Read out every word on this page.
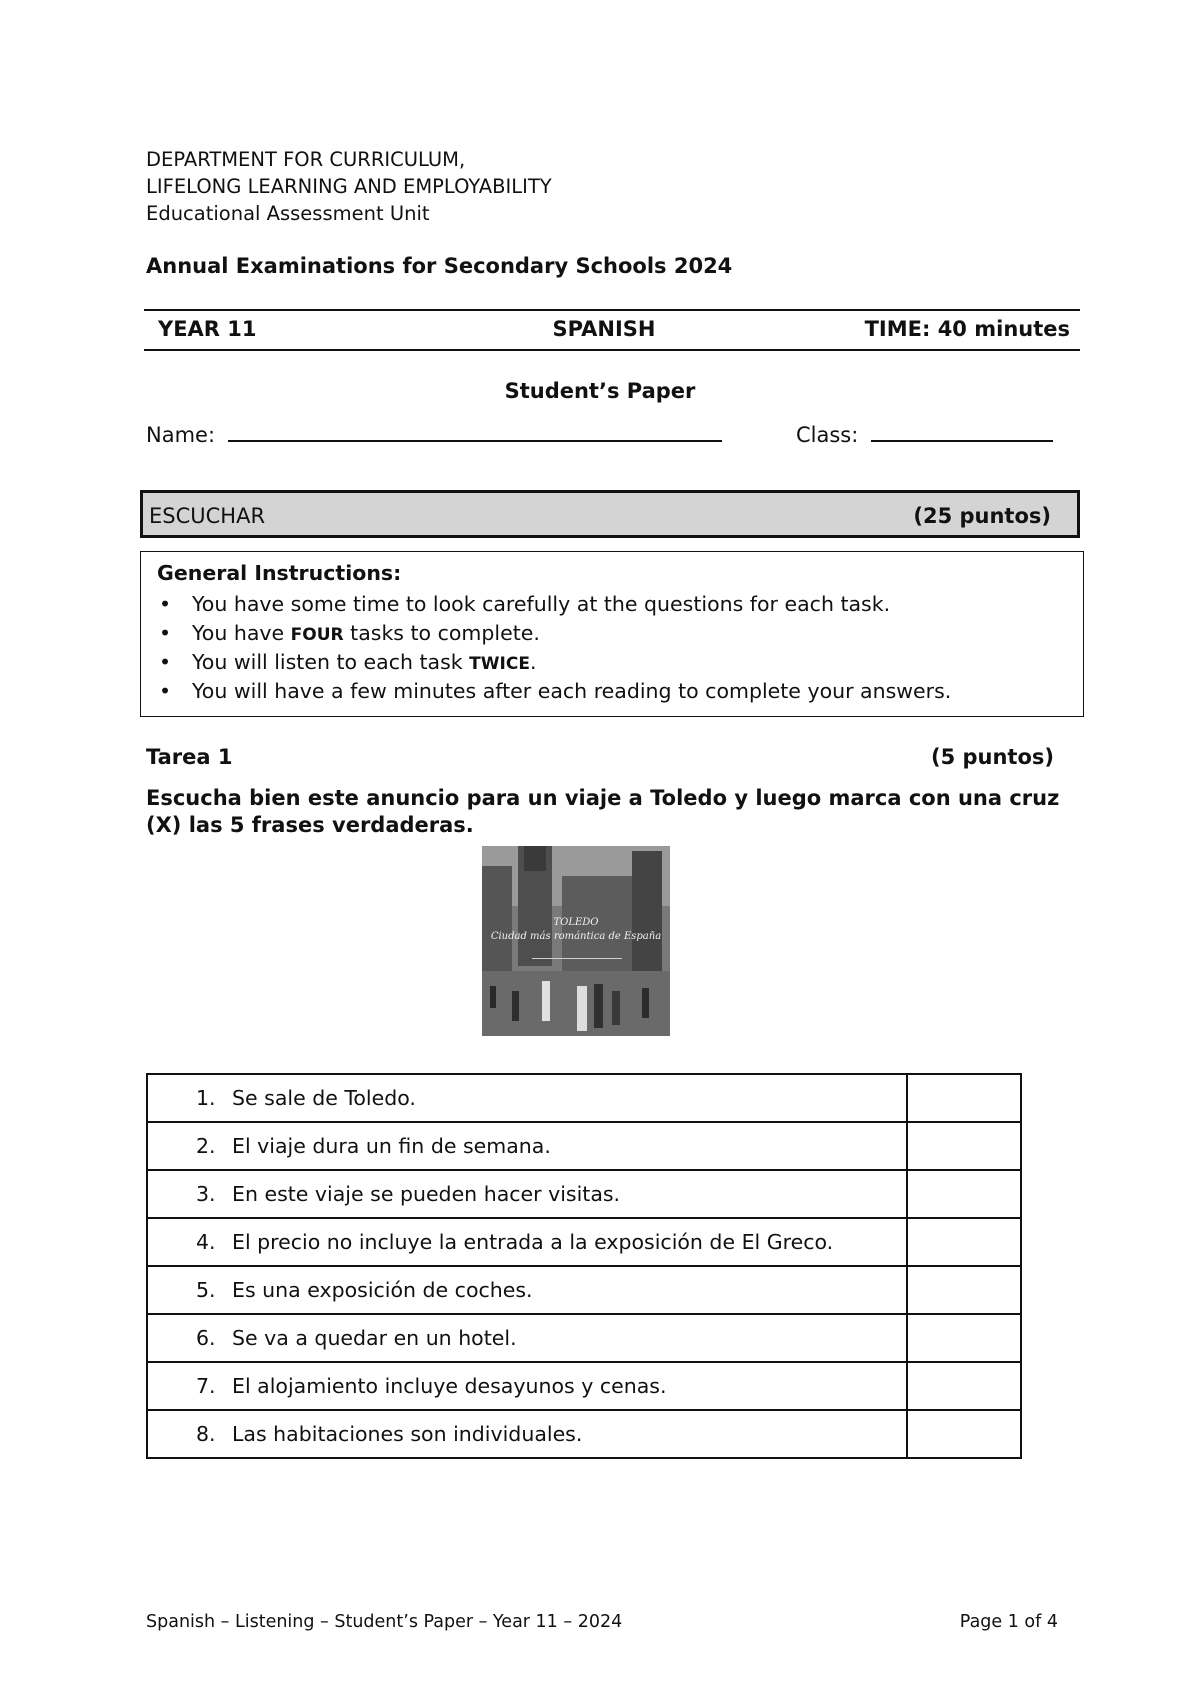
DEPARTMENT FOR CURRICULUM,
LIFELONG LEARNING AND EMPLOYABILITY
Educational Assessment Unit
Annual Examinations for Secondary Schools 2024
YEAR 11	SPANISH	TIME: 40 minutes
Student’s Paper
Name:	Class:
ESCUCHAR	(25 puntos)
General Instructions:
• You have some time to look carefully at the questions for each task.
• You have FOUR tasks to complete.
• You will listen to each task TWICE.
• You will have a few minutes after each reading to complete your answers.
Tarea 1	(5 puntos)
Escucha bien este anuncio para un viaje a Toledo y luego marca con una cruz (X) las 5 frases verdaderas.
TOLEDO
Ciudad más romántica de España
1. Se sale de Toledo.	
2. El viaje dura un fin de semana.	
3. En este viaje se pueden hacer visitas.	
4. El precio no incluye la entrada a la exposición de El Greco.	
5. Es una exposición de coches.	
6. Se va a quedar en un hotel.	
7. El alojamiento incluye desayunos y cenas.	
8. Las habitaciones son individuales.	
Spanish – Listening – Student’s Paper – Year 11 – 2024	Page 1 of 4
